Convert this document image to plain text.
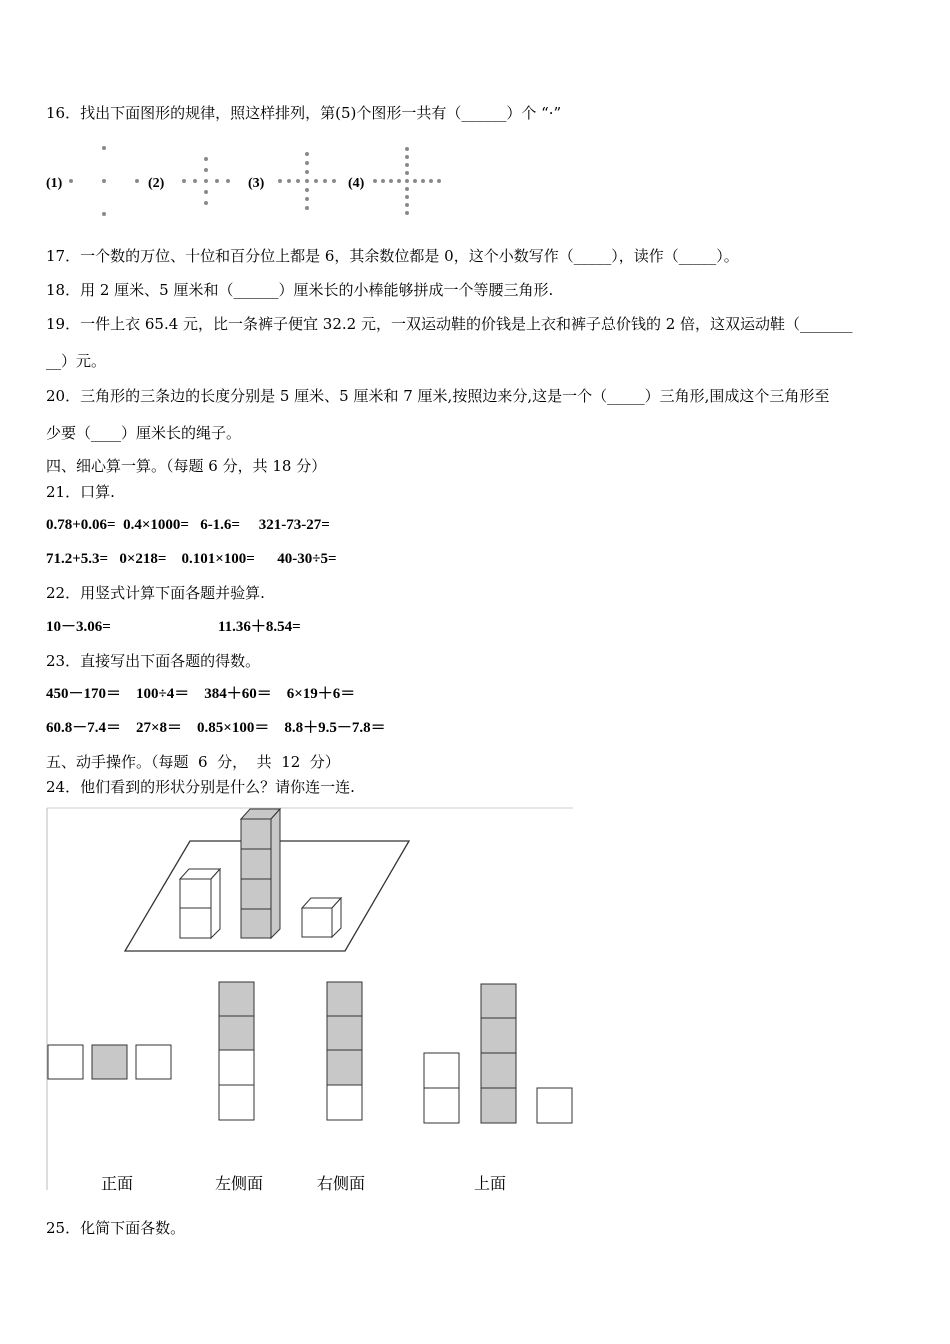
16．找出下面图形的规律，照这样排列，第(5)个图形一共有（______）个 “·”
(1)	(2)	(3)	(4)
17．一个数的万位、十位和百分位上都是 6，其余数位都是 0，这个小数写作（_____），读作（_____）。
18．用 2 厘米、5 厘米和（______）厘米长的小棒能够拼成一个等腰三角形.
19．一件上衣 65.4 元，比一条裤子便宜 32.2 元，一双运动鞋的价钱是上衣和裤子总价钱的 2 倍，这双运动鞋（_______
__）元。
20．三角形的三条边的长度分别是 5 厘米、5 厘米和 7 厘米,按照边来分,这是一个（_____）三角形,围成这个三角形至
少要（____）厘米长的绳子。
四、细心算一算。（每题 6 分，共 18 分）
21．口算.
0.78+0.06=  0.4×1000=   6-1.6=     321-73-27=
71.2+5.3=   0×218=    0.101×100=      40-30÷5=
22．用竖式计算下面各题并验算.
10－3.06=	11.36＋8.54=
23．直接写出下面各题的得数。
450－170＝    100÷4＝    384＋60＝    6×19＋6＝
60.8－7.4＝    27×8＝    0.85×100＝    8.8＋9.5－7.8＝
五、动手操作。（每题  6  分，  共  12  分）
24．他们看到的形状分别是什么？请你连一连.
正面	左侧面	右侧面	上面
25．化简下面各数。
